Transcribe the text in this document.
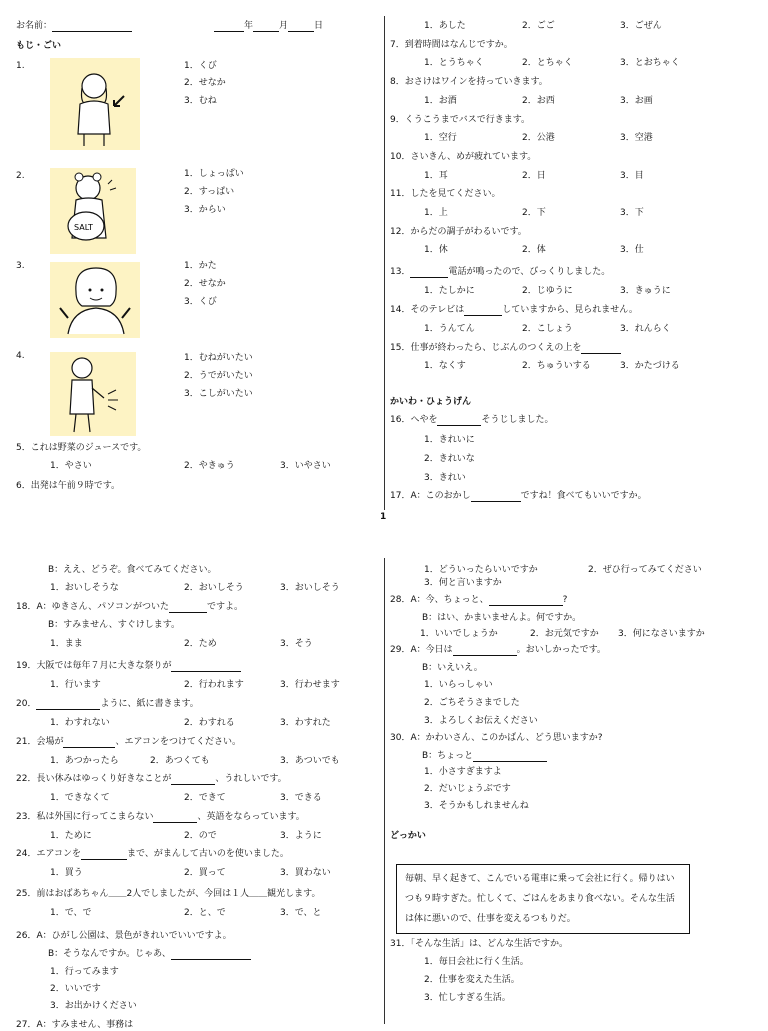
お名前：	年	月	日
もじ・ごい
1.	1．くび
2．せなか
3．むね
2.
SALT
1．しょっぱい
2．すっぱい
3．からい
3.	1．かた
2．せなか
3．くび
4.	1．むねがいたい
2．うでがいたい
3．こしがいたい
5．これは野菜のジュースです。
1．やさい	2．やきゅう	3．いやさい
6．出発は午前９時です。
1．あした	2．ごご	3．ごぜん
7．到着時間はなんじですか。
1．とうちゃく	2．とちゃく	3．とおちゃく
8．おさけはワインを持っていきます。
1．お酒	2．お西	3．お画
9．くうこうまでバスで行きます。
1．空行	2．公港	3．空港
10．さいきん、めが疲れています。
1．耳	2．日	3．目
11．したを見てください。
1．上	2．下	3．下
12．からだの調子がわるいです。
1．休	2．体	3．仕
13．	電話が鳴ったので、びっくりしました。
1．たしかに	2．じゆうに	3．きゅうに
14．そのテレビは	していますから、見られません。
1．うんてん	2．こしょう	3．れんらく
15．仕事が終わったら、じぶんのつくえの上を
1．なくす	2．ちゅういする	3．かたづける
かいわ・ひょうげん
16．へやを	そうじしました。
1．きれいに
2．きれいな
3．きれい
17．A：このおかし	ですね！食べてもいいですか。
1
B：ええ、どうぞ。食べてみてください。
1．おいしそうな	2．おいしそう	3．おいしそう
18．A：ゆきさん、パソコンがついた	ですよ。
B：すみません、すぐけします。
1．まま	2．ため	3．そう
19．大阪では毎年７月に大きな祭りが
1．行います	2．行われます	3．行わせます
20．	ように、紙に書きます。
1．わすれない	2．わすれる	3．わすれた
21．会場が	、エアコンをつけてください。
1．あつかったら	2．あつくても	3．あついでも
22．長い休みはゆっくり好きなことが	、うれしいです。
1．できなくて	2．できて	3．できる
23．私は外国に行ってこまらない	、英語をならっています。
1．ために	2．ので	3．ように
24．エアコンを	まで、がまんして古いのを使いました。
1．買う	2．買って	3．買わない
25．前はおばあちゃん＿＿2人でしましたが、今回は１人＿＿観光します。
1．で、で	2．と、で	3．で、と
26．A：ひがし公園は、景色がきれいでいいですよ。
B：そうなんですか。じゃあ、
1．行ってみます
2．いいです
3．お出かけください
27．A：すみません、事務は
1．どういったらいいですか	2．ぜひ行ってみてください
3．何と言いますか
28．A：今、ちょっと、	?
B：はい、かまいませんよ。何ですか。
1．いいでしょうか	2．お元気ですか 3．何になさいますか
29．A：今日は	。おいしかったです。
B：いえいえ。
1．いらっしゃい
2．ごちそうさまでした
3．よろしくお伝えください
30．A：かわいさん、このかばん、どう思いますか?
B：ちょっと
1．小さすぎますよ
2．だいじょうぶです
3．そうかもしれませんね
どっかい
毎朝、早く起きて、こんでいる電車に乗って会社に行く。帰りはいつも９時すぎた。忙しくて、ごはんをあまり食べない。そんな生活は体に悪いので、仕事を変えるつもりだ。
31．「そんな生活」は、どんな生活ですか。
1．毎日会社に行く生活。
2．仕事を変えた生活。
3．忙しすぎる生活。
